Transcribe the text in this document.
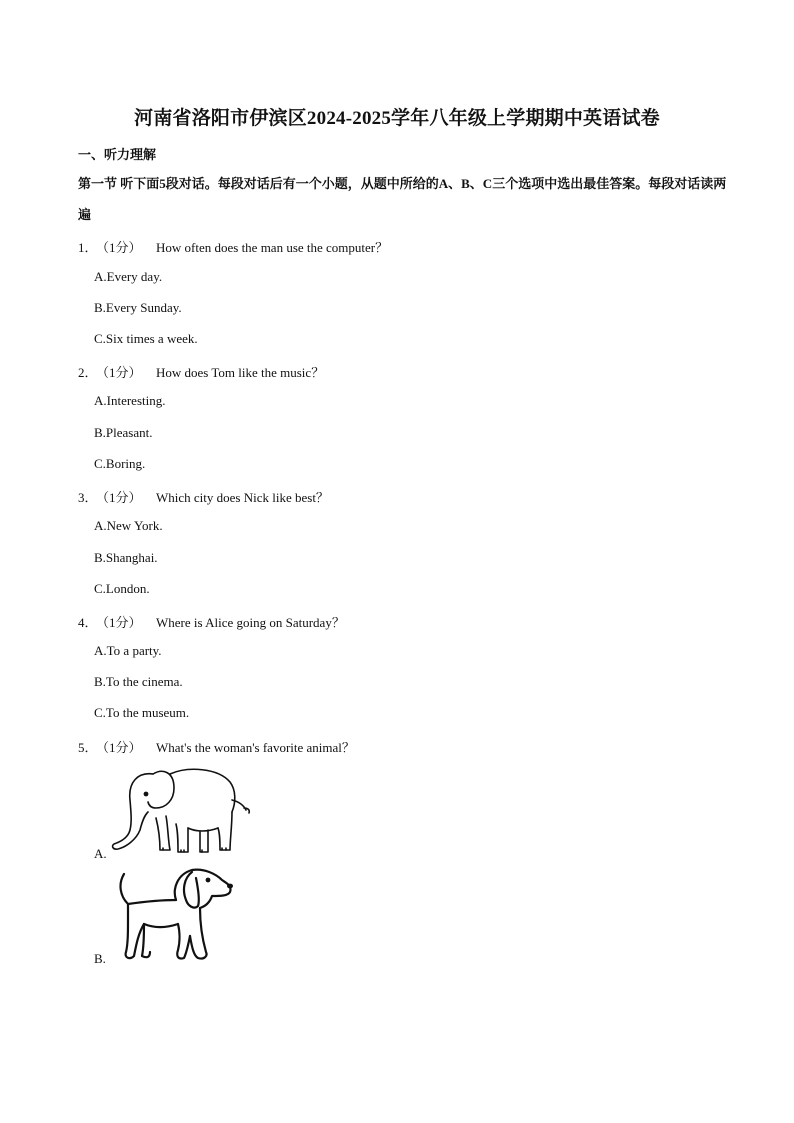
河南省洛阳市伊滨区2024-2025学年八年级上学期期中英语试卷
一、听力理解
第一节 听下面5段对话。每段对话后有一个小题，从题中所给的A、B、C三个选项中选出最佳答案。每段对话读两遍
1．（1分） How often does the man use the computer？
A.Every day.
B.Every Sunday.
C.Six times a week.
2．（1分） How does Tom like the music？
A.Interesting.
B.Pleasant.
C.Boring.
3．（1分） Which city does Nick like best？
A.New York.
B.Shanghai.
C.London.
4．（1分） Where is Alice going on Saturday？
A.To a party.
B.To the cinema.
C.To the museum.
5．（1分） What's the woman's favorite animal？
A.
B.
